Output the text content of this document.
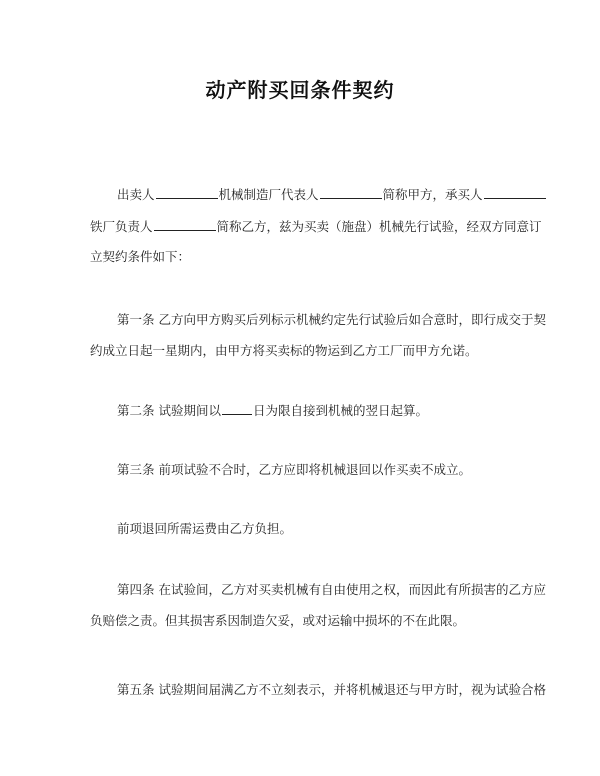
动产附买回条件契约
出卖人	机械制造厂代表人	简称甲方，承买人
铁厂负责人	简称乙方，兹为买卖（施盘）机械先行试验，经双方同意订
立契约条件如下：
第一条 乙方向甲方购买后列标示机械约定先行试验后如合意时，即行成交于契
约成立日起一星期内，由甲方将买卖标的物运到乙方工厂而甲方允诺。
第二条 试验期间以	日为限自接到机械的翌日起算。
第三条 前项试验不合时，乙方应即将机械退回以作买卖不成立。
前项退回所需运费由乙方负担。
第四条 在试验间，乙方对买卖机械有自由使用之权，而因此有所损害的乙方应
负赔偿之责。但其损害系因制造欠妥，或对运输中损坏的不在此限。
第五条 试验期间届满乙方不立刻表示，并将机械退还与甲方时，视为试验合格
